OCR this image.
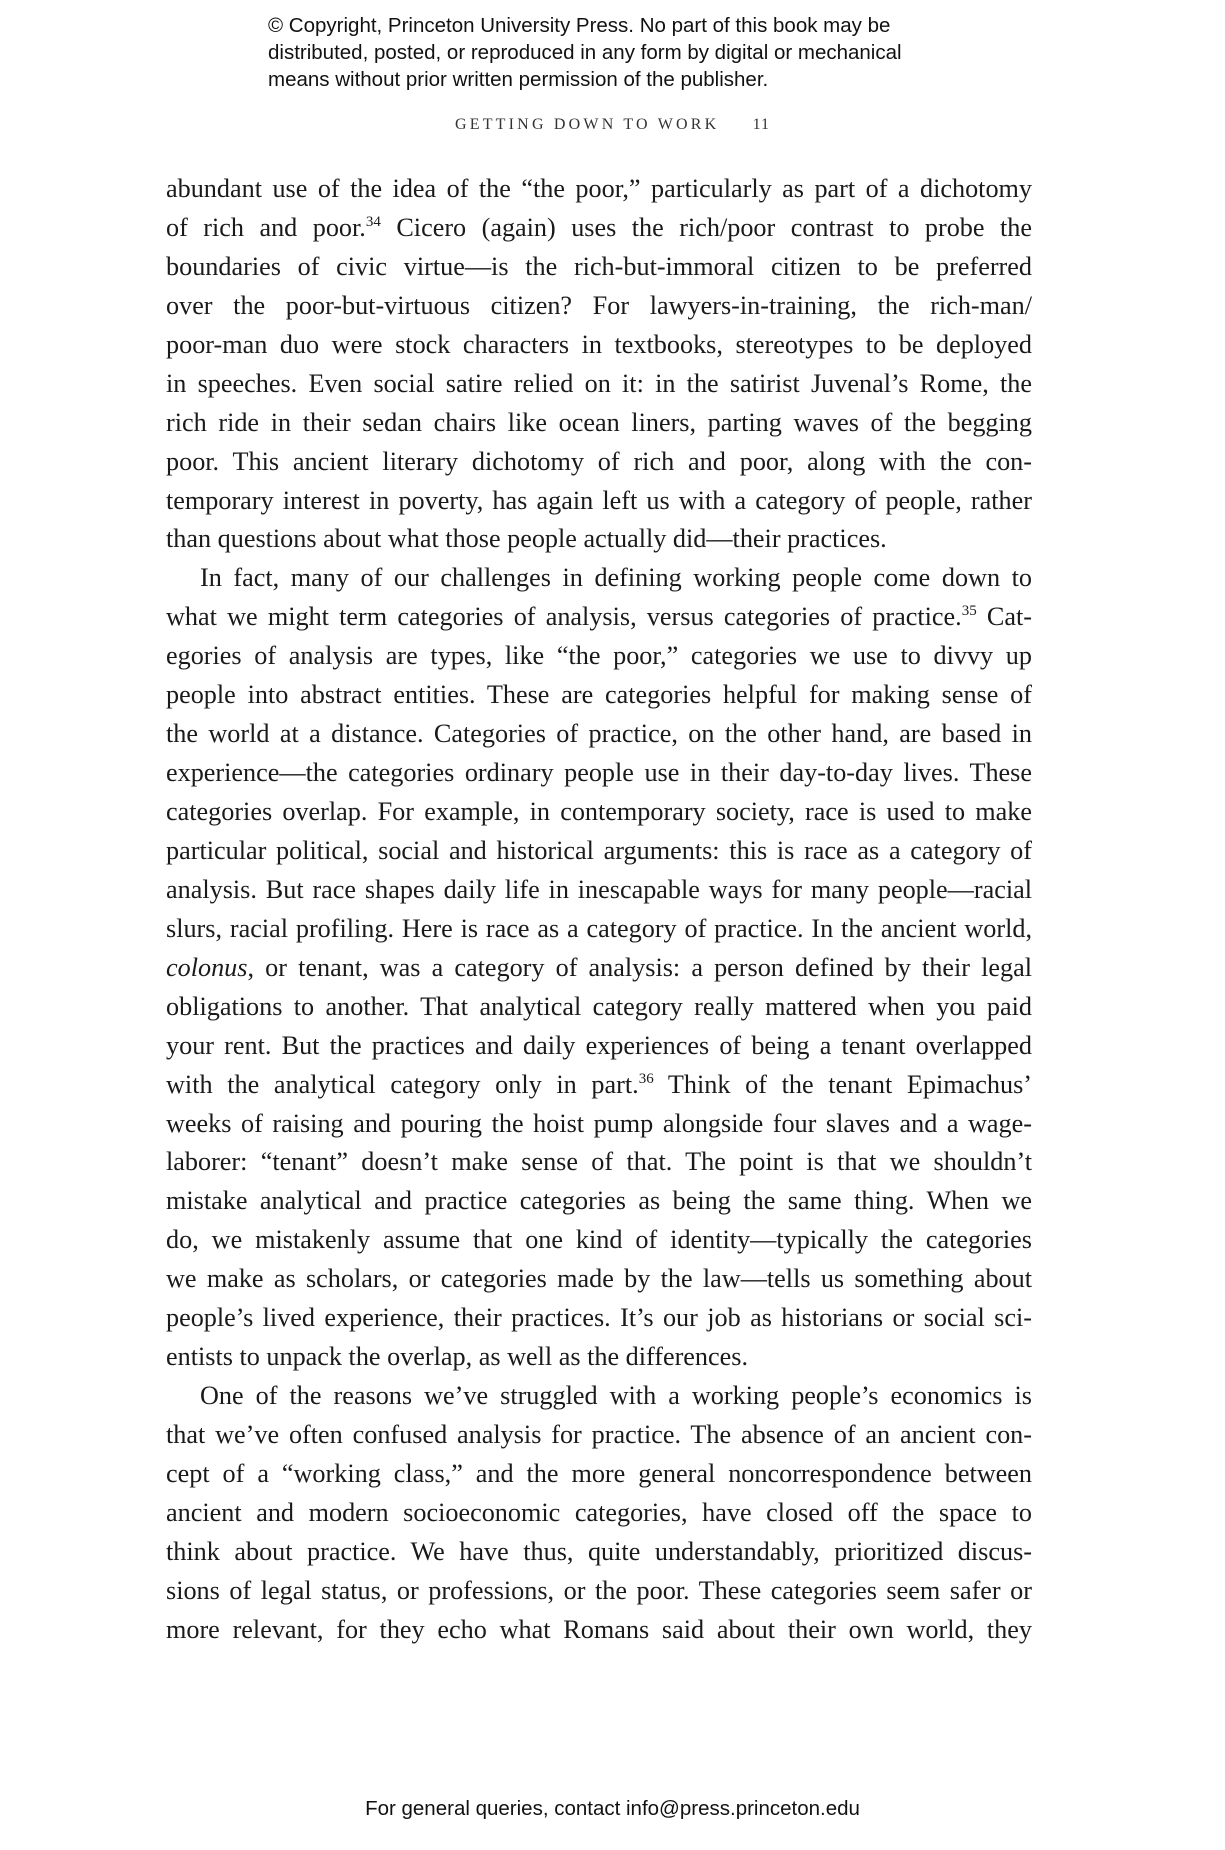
© Copyright, Princeton University Press. No part of this book may be
distributed, posted, or reproduced in any form by digital or mechanical
means without prior written permission of the publisher.
GETTING DOWN TO WORK 11
abundant use of the idea of the “the poor,” particularly as part of a dichotomy
of rich and poor.$^{34}$ Cicero (again) uses the rich/poor contrast to probe the
boundaries of civic virtue—is the rich-but-immoral citizen to be preferred
over the poor-but-virtuous citizen? For lawyers-in-training, the rich-man/
poor-man duo were stock characters in textbooks, stereotypes to be deployed
in speeches. Even social satire relied on it: in the satirist Juvenal’s Rome, the
rich ride in their sedan chairs like ocean liners, parting waves of the begging
poor. This ancient literary dichotomy of rich and poor, along with the con-
temporary interest in poverty, has again left us with a category of people, rather
than questions about what those people actually did—their practices.
In fact, many of our challenges in defining working people come down to
what we might term categories of analysis, versus categories of practice.$^{35}$ Cat-
egories of analysis are types, like “the poor,” categories we use to divvy up
people into abstract entities. These are categories helpful for making sense of
the world at a distance. Categories of practice, on the other hand, are based in
experience—the categories ordinary people use in their day-to-day lives. These
categories overlap. For example, in contemporary society, race is used to make
particular political, social and historical arguments: this is race as a category of
analysis. But race shapes daily life in inescapable ways for many people—racial
slurs, racial profiling. Here is race as a category of practice. In the ancient world,
colonus, or tenant, was a category of analysis: a person defined by their legal
obligations to another. That analytical category really mattered when you paid
your rent. But the practices and daily experiences of being a tenant overlapped
with the analytical category only in part.$^{36}$ Think of the tenant Epimachus’
weeks of raising and pouring the hoist pump alongside four slaves and a wage-
laborer: “tenant” doesn’t make sense of that. The point is that we shouldn’t
mistake analytical and practice categories as being the same thing. When we
do, we mistakenly assume that one kind of identity—typically the categories
we make as scholars, or categories made by the law—tells us something about
people’s lived experience, their practices. It’s our job as historians or social sci-
entists to unpack the overlap, as well as the differences.
One of the reasons we’ve struggled with a working people’s economics is
that we’ve often confused analysis for practice. The absence of an ancient con-
cept of a “working class,” and the more general noncorrespondence between
ancient and modern socioeconomic categories, have closed off the space to
think about practice. We have thus, quite understandably, prioritized discus-
sions of legal status, or professions, or the poor. These categories seem safer or
more relevant, for they echo what Romans said about their own world, they
For general queries, contact info@press.princeton.edu
